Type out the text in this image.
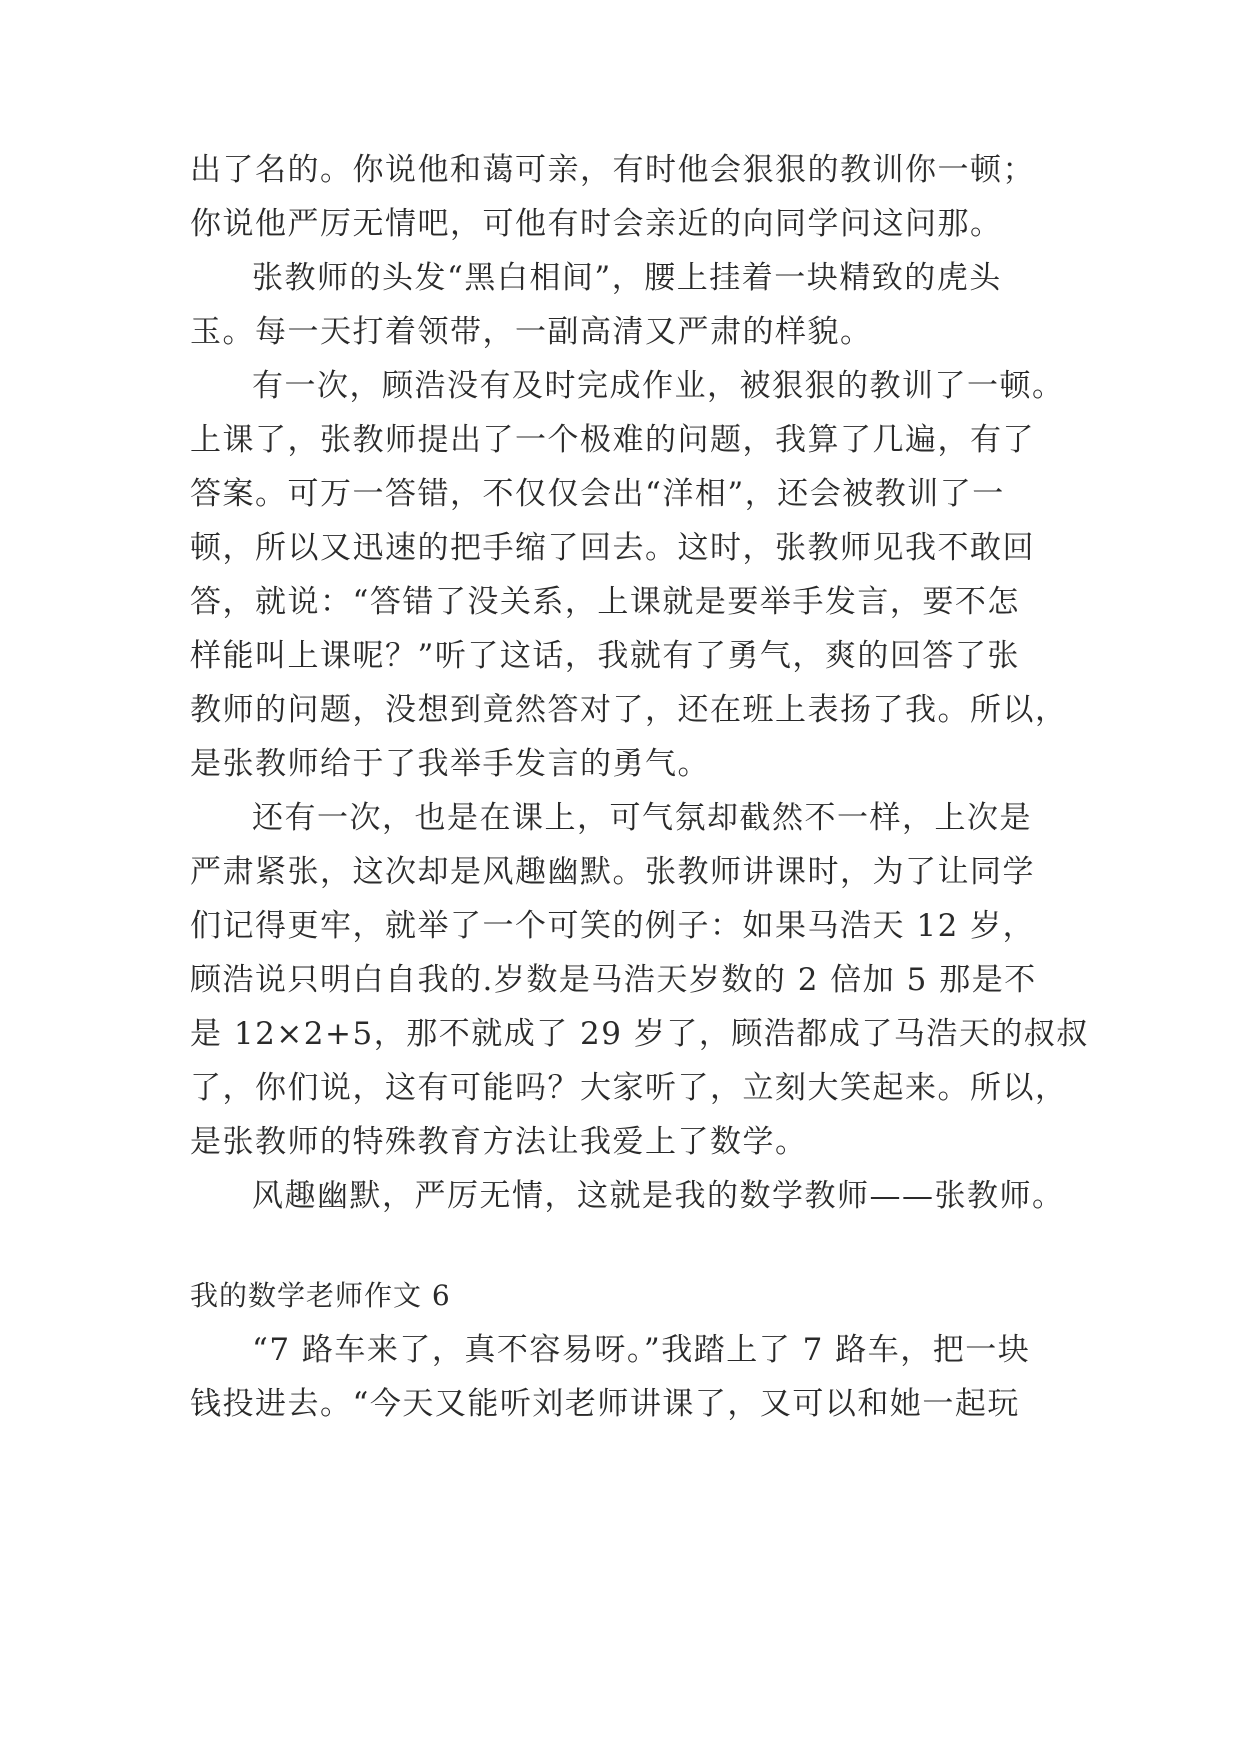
出了名的。你说他和蔼可亲，有时他会狠狠的教训你一顿；
你说他严厉无情吧，可他有时会亲近的向同学问这问那。
张教师的头发“黑白相间”，腰上挂着一块精致的虎头
玉。每一天打着领带，一副高清又严肃的样貌。
有一次，顾浩没有及时完成作业，被狠狠的教训了一顿。
上课了，张教师提出了一个极难的问题，我算了几遍，有了
答案。可万一答错，不仅仅会出“洋相”，还会被教训了一
顿，所以又迅速的把手缩了回去。这时，张教师见我不敢回
答，就说：“答错了没关系，上课就是要举手发言，要不怎
样能叫上课呢？”听了这话，我就有了勇气，爽的回答了张
教师的问题，没想到竟然答对了，还在班上表扬了我。所以，
是张教师给于了我举手发言的勇气。
还有一次，也是在课上，可气氛却截然不一样，上次是
严肃紧张，这次却是风趣幽默。张教师讲课时，为了让同学
们记得更牢，就举了一个可笑的例子：如果马浩天 12 岁，
顾浩说只明白自我的.岁数是马浩天岁数的 2 倍加 5 那是不
是 12×2+5，那不就成了 29 岁了，顾浩都成了马浩天的叔叔
了，你们说，这有可能吗？大家听了，立刻大笑起来。所以，
是张教师的特殊教育方法让我爱上了数学。
风趣幽默，严厉无情，这就是我的数学教师——张教师。
我的数学老师作文 6
“7 路车来了，真不容易呀。”我踏上了 7 路车，把一块
钱投进去。“今天又能听刘老师讲课了，又可以和她一起玩
